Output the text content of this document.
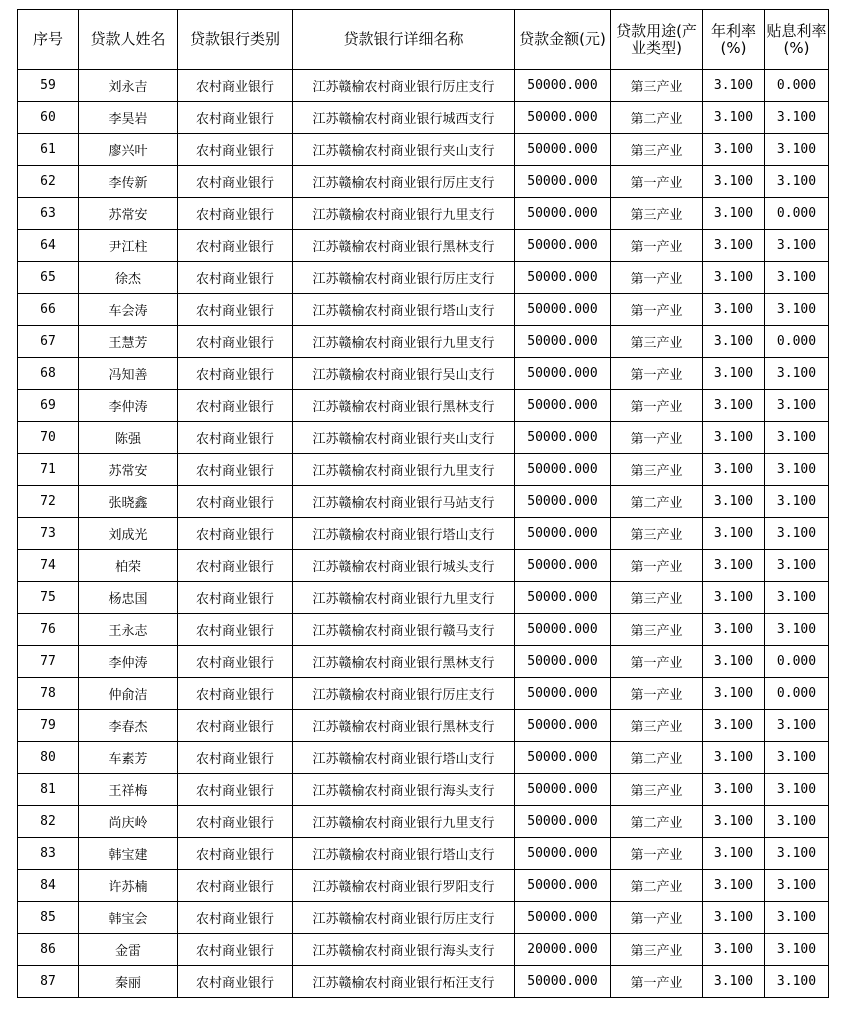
序号	贷款人姓名	贷款银行类别	贷款银行详细名称	贷款金额(元)	贷款用途(产业类型)	年利率(%)	贴息利率(%)
59	刘永吉	农村商业银行	江苏赣榆农村商业银行厉庄支行	50000.000	第三产业	3.100	0.000
60	李昊岩	农村商业银行	江苏赣榆农村商业银行城西支行	50000.000	第二产业	3.100	3.100
61	廖兴叶	农村商业银行	江苏赣榆农村商业银行夹山支行	50000.000	第三产业	3.100	3.100
62	李传新	农村商业银行	江苏赣榆农村商业银行厉庄支行	50000.000	第一产业	3.100	3.100
63	苏常安	农村商业银行	江苏赣榆农村商业银行九里支行	50000.000	第三产业	3.100	0.000
64	尹江柱	农村商业银行	江苏赣榆农村商业银行黑林支行	50000.000	第一产业	3.100	3.100
65	徐杰	农村商业银行	江苏赣榆农村商业银行厉庄支行	50000.000	第一产业	3.100	3.100
66	车会涛	农村商业银行	江苏赣榆农村商业银行塔山支行	50000.000	第一产业	3.100	3.100
67	王慧芳	农村商业银行	江苏赣榆农村商业银行九里支行	50000.000	第三产业	3.100	0.000
68	冯知善	农村商业银行	江苏赣榆农村商业银行吴山支行	50000.000	第一产业	3.100	3.100
69	李仲涛	农村商业银行	江苏赣榆农村商业银行黑林支行	50000.000	第一产业	3.100	3.100
70	陈强	农村商业银行	江苏赣榆农村商业银行夹山支行	50000.000	第一产业	3.100	3.100
71	苏常安	农村商业银行	江苏赣榆农村商业银行九里支行	50000.000	第三产业	3.100	3.100
72	张晓鑫	农村商业银行	江苏赣榆农村商业银行马站支行	50000.000	第二产业	3.100	3.100
73	刘成光	农村商业银行	江苏赣榆农村商业银行塔山支行	50000.000	第三产业	3.100	3.100
74	柏荣	农村商业银行	江苏赣榆农村商业银行城头支行	50000.000	第一产业	3.100	3.100
75	杨忠国	农村商业银行	江苏赣榆农村商业银行九里支行	50000.000	第三产业	3.100	3.100
76	王永志	农村商业银行	江苏赣榆农村商业银行赣马支行	50000.000	第三产业	3.100	3.100
77	李仲涛	农村商业银行	江苏赣榆农村商业银行黑林支行	50000.000	第一产业	3.100	0.000
78	仲俞洁	农村商业银行	江苏赣榆农村商业银行厉庄支行	50000.000	第一产业	3.100	0.000
79	李春杰	农村商业银行	江苏赣榆农村商业银行黑林支行	50000.000	第三产业	3.100	3.100
80	车素芳	农村商业银行	江苏赣榆农村商业银行塔山支行	50000.000	第二产业	3.100	3.100
81	王祥梅	农村商业银行	江苏赣榆农村商业银行海头支行	50000.000	第三产业	3.100	3.100
82	尚庆岭	农村商业银行	江苏赣榆农村商业银行九里支行	50000.000	第二产业	3.100	3.100
83	韩宝建	农村商业银行	江苏赣榆农村商业银行塔山支行	50000.000	第一产业	3.100	3.100
84	许苏楠	农村商业银行	江苏赣榆农村商业银行罗阳支行	50000.000	第二产业	3.100	3.100
85	韩宝会	农村商业银行	江苏赣榆农村商业银行厉庄支行	50000.000	第一产业	3.100	3.100
86	金雷	农村商业银行	江苏赣榆农村商业银行海头支行	20000.000	第三产业	3.100	3.100
87	秦丽	农村商业银行	江苏赣榆农村商业银行柘汪支行	50000.000	第一产业	3.100	3.100
